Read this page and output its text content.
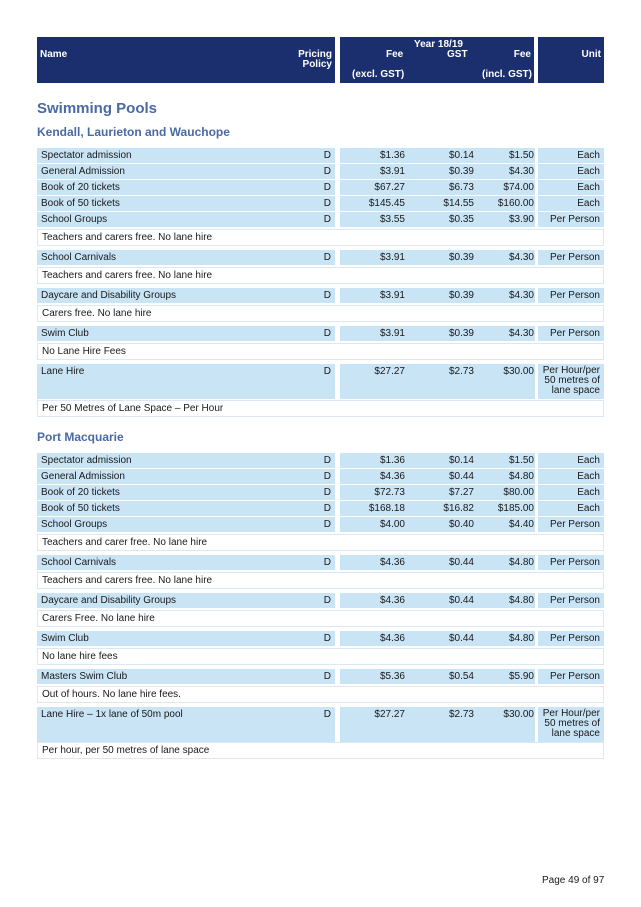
Name	Pricing
Policy
Year 18/19
Fee	GST	Fee
(excl. GST)	(incl. GST)
Unit
Swimming Pools
Kendall, Laurieton and Wauchope
Spectator admission	D	$1.36	$0.14	$1.50	Each
General Admission	D	$3.91	$0.39	$4.30	Each
Book of 20 tickets	D	$67.27	$6.73	$74.00	Each
Book of 50 tickets	D	$145.45	$14.55 $160.00	Each
School Groups	D	$3.55	$0.35	$3.90 Per Person
Teachers and carers free. No lane hire
School Carnivals	D	$3.91	$0.39	$4.30 Per Person
Teachers and carers free. No lane hire
Daycare and Disability Groups	D	$3.91	$0.39	$4.30 Per Person
Carers free. No lane hire
Swim Club	D	$3.91	$0.39	$4.30 Per Person
No Lane Hire Fees
Lane Hire	D	$27.27	$2.73	$30.00 Per Hour/per
50 metres of
lane space
Per 50 Metres of Lane Space – Per Hour
Port Macquarie
Spectator admission	D	$1.36	$0.14	$1.50	Each
General Admission	D	$4.36	$0.44	$4.80	Each
Book of 20 tickets	D	$72.73	$7.27	$80.00	Each
Book of 50 tickets	D	$168.18	$16.82 $185.00	Each
School Groups	D	$4.00	$0.40	$4.40 Per Person
Teachers and carer free. No lane hire
School Carnivals	D	$4.36	$0.44	$4.80 Per Person
Teachers and carers free. No lane hire
Daycare and Disability Groups	D	$4.36	$0.44	$4.80 Per Person
Carers Free. No lane hire
Swim Club	D	$4.36	$0.44	$4.80 Per Person
No lane hire fees
Masters Swim Club	D	$5.36	$0.54	$5.90 Per Person
Out of hours. No lane hire fees.
Lane Hire – 1x lane of 50m pool	D	$27.27	$2.73	$30.00 Per Hour/per
50 metres of
lane space
Per hour, per 50 metres of lane space
Page 49 of 97
